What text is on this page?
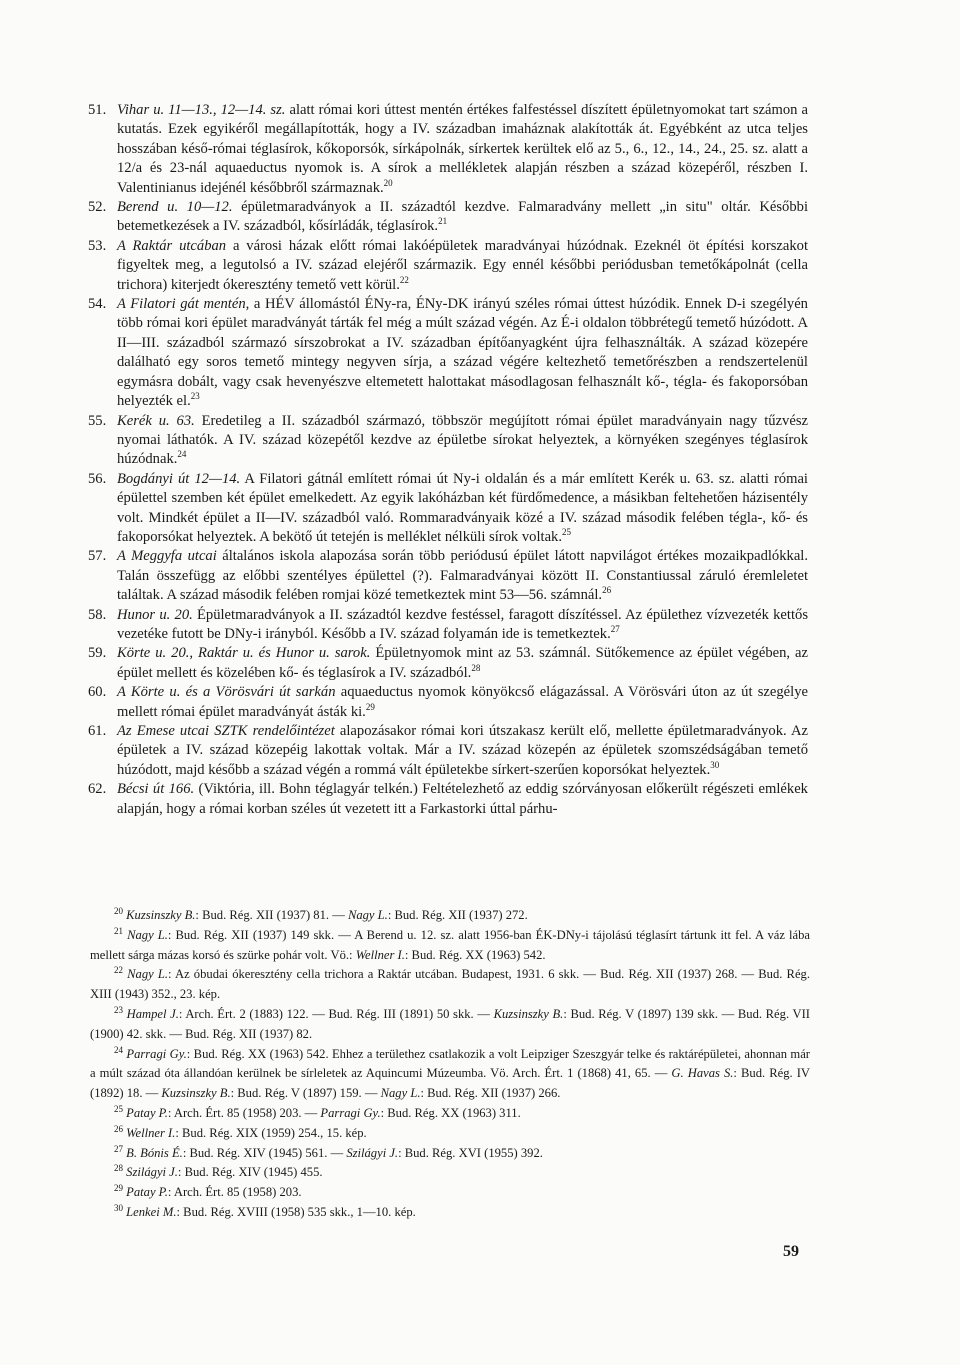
51. Vihar u. 11—13., 12—14. sz. alatt római kori úttest mentén értékes falfestéssel díszített épületnyomokat tart számon a kutatás. Ezek egyikéről megállapították, hogy a IV. században imaháznak alakították át. Egyébként az utca teljes hosszában késő-római téglasírok, kőkoporsók, sírkápolnák, sírkertek kerültek elő az 5., 6., 12., 14., 24., 25. sz. alatt a 12/a és 23-nál aquaeductus nyomok is. A sírok a mellékletek alapján részben a század közepéről, részben I. Valentinianus idejénél későbbről származnak.$^{20}$

52. Berend u. 10—12. épületmaradványok a II. századtól kezdve. Falmaradvány mellett „in situ" oltár. Későbbi betemetkezések a IV. századból, kősírládák, téglasírok.$^{21}$

53. A Raktár utcában a városi házak előtt római lakóépületek maradványai húzódnak. Ezeknél öt építési korszakot figyeltek meg, a legutolsó a IV. század elejéről származik. Egy ennél későbbi periódusban temetőkápolnát (cella trichora) kiterjedt ókeresztény temető vett körül.$^{22}$

54. A Filatori gát mentén, a HÉV állomástól ÉNy-ra, ÉNy-DK irányú széles római úttest húzódik. Ennek D-i szegélyén több római kori épület maradványát tárták fel még a múlt század végén. Az É-i oldalon többrétegű temető húzódott. A II—III. századból származó sírszobrokat a IV. században építőanyagként újra felhasználták. A század közepére dalálható egy soros temető mintegy negyven sírja, a század végére keltezhető temetőrészben a rendszertelenül egymásra dobált, vagy csak hevenyészve eltemetett halottakat másodlagosan felhasznált kő-, tégla- és fakoporsóban helyezték el.$^{23}$

55. Kerék u. 63. Eredetileg a II. századból származó, többször megújított római épület maradványain nagy tűzvész nyomai láthatók. A IV. század közepétől kezdve az épületbe sírokat helyeztek, a környéken szegényes téglasírok húzódnak.$^{24}$

56. Bogdányi út 12—14. A Filatori gátnál említett római út Ny-i oldalán és a már említett Kerék u. 63. sz. alatti római épülettel szemben két épület emelkedett. Az egyik lakóházban két fürdőmedence, a másikban feltehetően házisentély volt. Mindkét épület a II—IV. századból való. Rommaradványaik közé a IV. század második felében tégla-, kő- és fakoporsókat helyeztek. A bekötő út tetején is melléklet nélküli sírok voltak.$^{25}$

57. A Meggyfa utcai általános iskola alapozása során több periódusú épület látott napvilágot értékes mozaikpadlókkal. Talán összefügg az előbbi szentélyes épülettel (?). Falmaradványai között II. Constantiussal záruló éremleletet találtak. A század második felében romjai közé temetkeztek mint 53—56. számnál.$^{26}$

58. Hunor u. 20. Épületmaradványok a II. századtól kezdve festéssel, faragott díszítéssel. Az épülethez vízvezeték kettős vezetéke futott be DNy-i irányból. Később a IV. század folyamán ide is temetkeztek.$^{27}$

59. Körte u. 20., Raktár u. és Hunor u. sarok. Épületnyomok mint az 53. számnál. Sütőkemence az épület végében, az épület mellett és közelében kő- és téglasírok a IV. századból.$^{28}$

60. A Körte u. és a Vörösvári út sarkán aquaeductus nyomok könyökcső elágazással. A Vörösvári úton az út szegélye mellett római épület maradványát ásták ki.$^{29}$

61. Az Emese utcai SZTK rendelőintézet alapozásakor római kori útszakasz került elő, mellette épületmaradványok. Az épületek a IV. század közepéig lakottak voltak. Már a IV. század közepén az épületek szomszédságában temető húzódott, majd később a század végén a rommá vált épületekbe sírkert-szerűen koporsókat helyeztek.$^{30}$

62. Bécsi út 166. (Viktória, ill. Bohn téglagyár telkén.) Feltételezhető az eddig szórványosan előkerült régészeti emlékek alapján, hogy a római korban széles út vezetett itt a Farkastorki úttal párhu-

$^{20}$ Kuzsinszky B.: Bud. Rég. XII (1937) 81. — Nagy L.: Bud. Rég. XII (1937) 272.

$^{21}$ Nagy L.: Bud. Rég. XII (1937) 149 skk. — A Berend u. 12. sz. alatt 1956-ban ÉK-DNy-i tájolású téglasírt tártunk itt fel. A váz lába mellett sárga mázas korsó és szürke pohár volt. Vö.: Wellner I.: Bud. Rég. XX (1963) 542.

$^{22}$ Nagy L.: Az óbudai ókeresztény cella trichora a Raktár utcában. Budapest, 1931. 6 skk. — Bud. Rég. XII (1937) 268. — Bud. Rég. XIII (1943) 352., 23. kép.

$^{23}$ Hampel J.: Arch. Ért. 2 (1883) 122. — Bud. Rég. III (1891) 50 skk. — Kuzsinszky B.: Bud. Rég. V (1897) 139 skk. — Bud. Rég. VII (1900) 42. skk. — Bud. Rég. XII (1937) 82.

$^{24}$ Parragi Gy.: Bud. Rég. XX (1963) 542. Ehhez a területhez csatlakozik a volt Leipziger Szeszgyár telke és raktárépületei, ahonnan már a múlt század óta állandóan kerülnek be sírleletek az Aquincumi Múzeumba. Vö. Arch. Ért. 1 (1868) 41, 65. — G. Havas S.: Bud. Rég. IV (1892) 18. — Kuzsinszky B.: Bud. Rég. V (1897) 159. — Nagy L.: Bud. Rég. XII (1937) 266.

$^{25}$ Pataу P.: Arch. Ért. 85 (1958) 203. — Parragi Gy.: Bud. Rég. XX (1963) 311.

$^{26}$ Wellner I.: Bud. Rég. XIX (1959) 254., 15. kép.

$^{27}$ B. Bónis É.: Bud. Rég. XIV (1945) 561. — Szilágyi J.: Bud. Rég. XVI (1955) 392.

$^{28}$ Szilágyi J.: Bud. Rég. XIV (1945) 455.

$^{29}$ Pataу P.: Arch. Ért. 85 (1958) 203.

$^{30}$ Lenkei M.: Bud. Rég. XVIII (1958) 535 skk., 1—10. kép.

59
